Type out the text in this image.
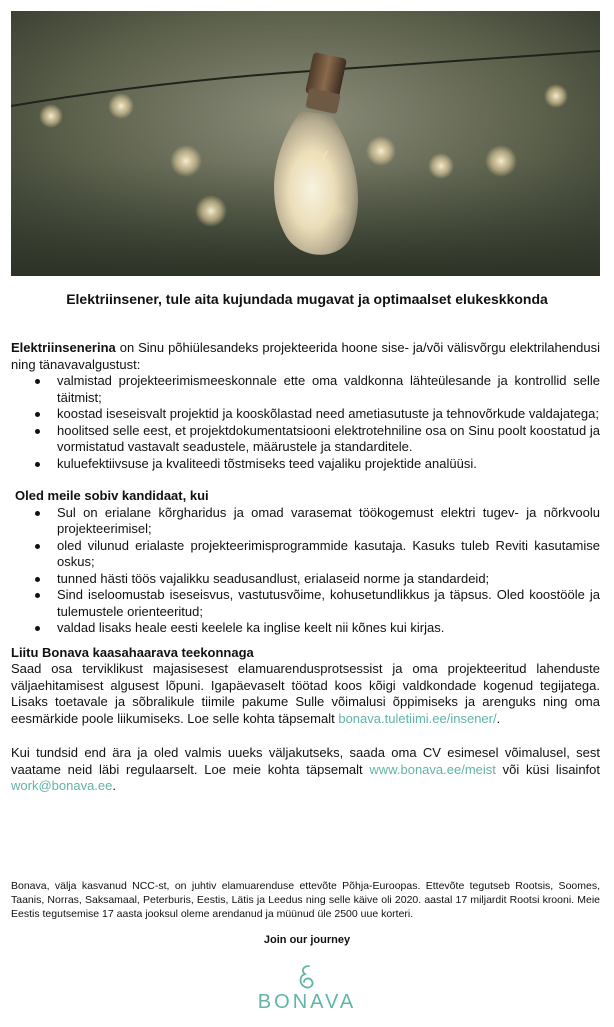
Elektriinsener, tule aita kujundada mugavat ja optimaalset elukeskkonda

Elektriinsenerina on Sinu põhiülesandeks projekteerida hoone sise- ja/või välisvõrgu elektrilahendusi ning tänavavalgustust:

valmistad projekteerimismeeskonnale ette oma valdkonna lähteülesande ja kontrollid selle täitmist;
koostad iseseisvalt projektid ja kooskõlastad need ametiasutuste ja tehnovõrkude valdajatega;
hoolitsed selle eest, et projektdokumentatsiooni elektrotehniline osa on Sinu poolt koostatud ja vormistatud vastavalt seadustele, määrustele ja standarditele.
kuluefektiivsuse ja kvaliteedi tõstmiseks teed vajaliku projektide analüüsi.

Oled meile sobiv kandidaat, kui

Sul on erialane kõrgharidus ja omad varasemat töökogemust elektri tugev- ja nõrkvoolu projekteerimisel;
oled vilunud erialaste projekteerimisprogrammide kasutaja. Kasuks tuleb Reviti kasutamise oskus;
tunned hästi töös vajalikku seadusandlust, erialaseid norme ja standardeid;
Sind iseloomustab iseseisvus, vastutusvõime, kohusetundlikkus ja täpsus. Oled koostööle ja tulemustele orienteeritud;
valdad lisaks heale eesti keelele ka inglise keelt nii kõnes kui kirjas.

Liitu Bonava kaasahaarava teekonnaga

Saad osa terviklikust majasisesest elamuarendusprotsessist ja oma projekteeritud lahenduste väljaehitamisest algusest lõpuni. Igapäevaselt töötad koos kõigi valdkondade kogenud tegijatega. Lisaks toetavale ja sõbralikule tiimile pakume Sulle võimalusi õppimiseks ja arenguks ning oma eesmärkide poole liikumiseks. Loe selle kohta täpsemalt bonava.tuletiimi.ee/insener/.

Kui tundsid end ära ja oled valmis uueks väljakutseks, saada oma CV esimesel võimalusel, sest vaatame neid läbi regulaarselt. Loe meie kohta täpsemalt www.bonava.ee/meist või küsi lisainfot work@bonava.ee.

Bonava, välja kasvanud NCC-st, on juhtiv elamuarenduse ettevõte Põhja-Euroopas. Ettevõte tegutseb Rootsis, Soomes, Taanis, Norras, Saksamaal, Peterburis, Eestis, Lätis ja Leedus ning selle käive oli 2020. aastal 17 miljardit Rootsi krooni. Meie Eestis tegutsemise 17 aasta jooksul oleme arendanud ja müünud üle 2500 uue korteri.

Join our journey
BONAVA
